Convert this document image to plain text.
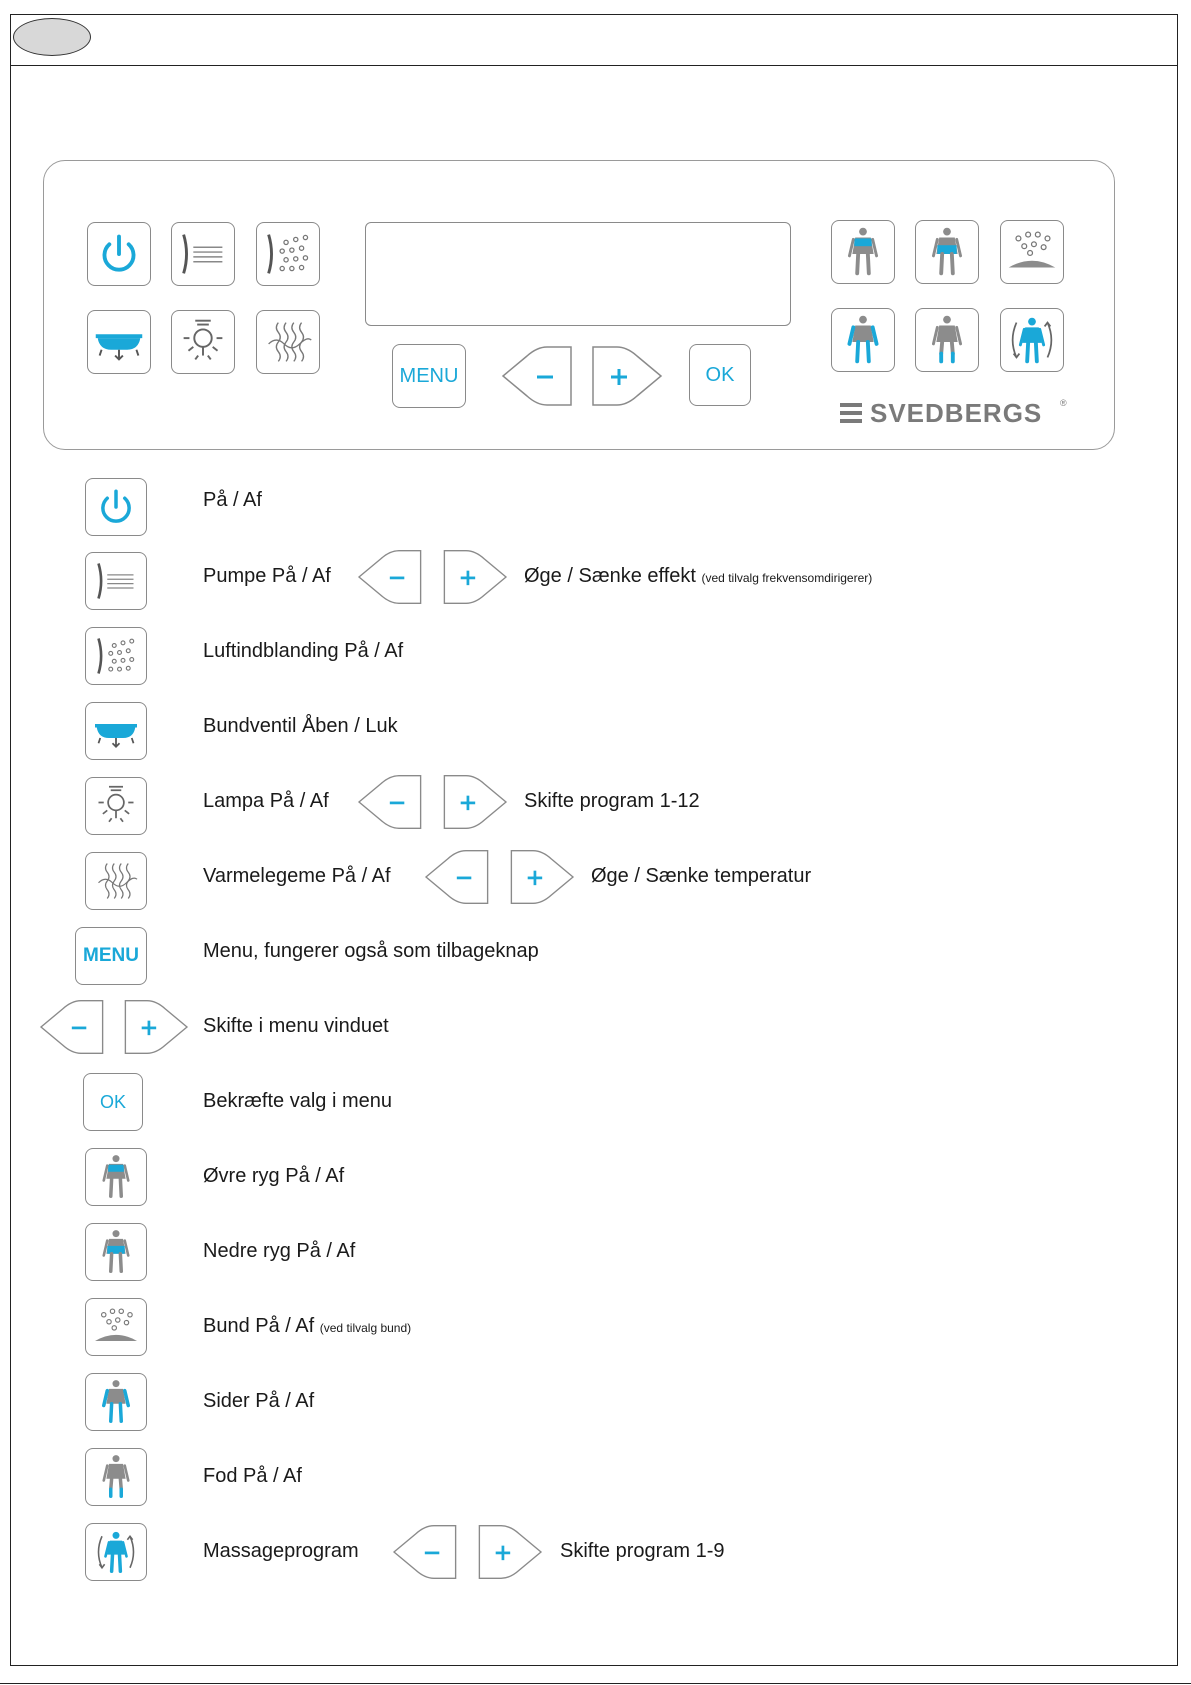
MENU	OK
SVEDBERGS ®
På / Af
Pumpe På / Af	Øge / Sænke effekt (ved tilvalg frekvensomdirigerer)
Luftindblanding På / Af
Bundventil Åben / Luk
Lampa På / Af	Skifte program 1-12
Varmelegeme På / Af	Øge / Sænke temperatur
MENU	Menu, fungerer også som tilbageknap
Skifte i menu vinduet
OK	Bekræfte valg i menu
Øvre ryg På / Af
Nedre ryg På / Af
Bund På / Af (ved tilvalg bund)
Sider På / Af
Fod På / Af
Massageprogram	Skifte program 1-9
